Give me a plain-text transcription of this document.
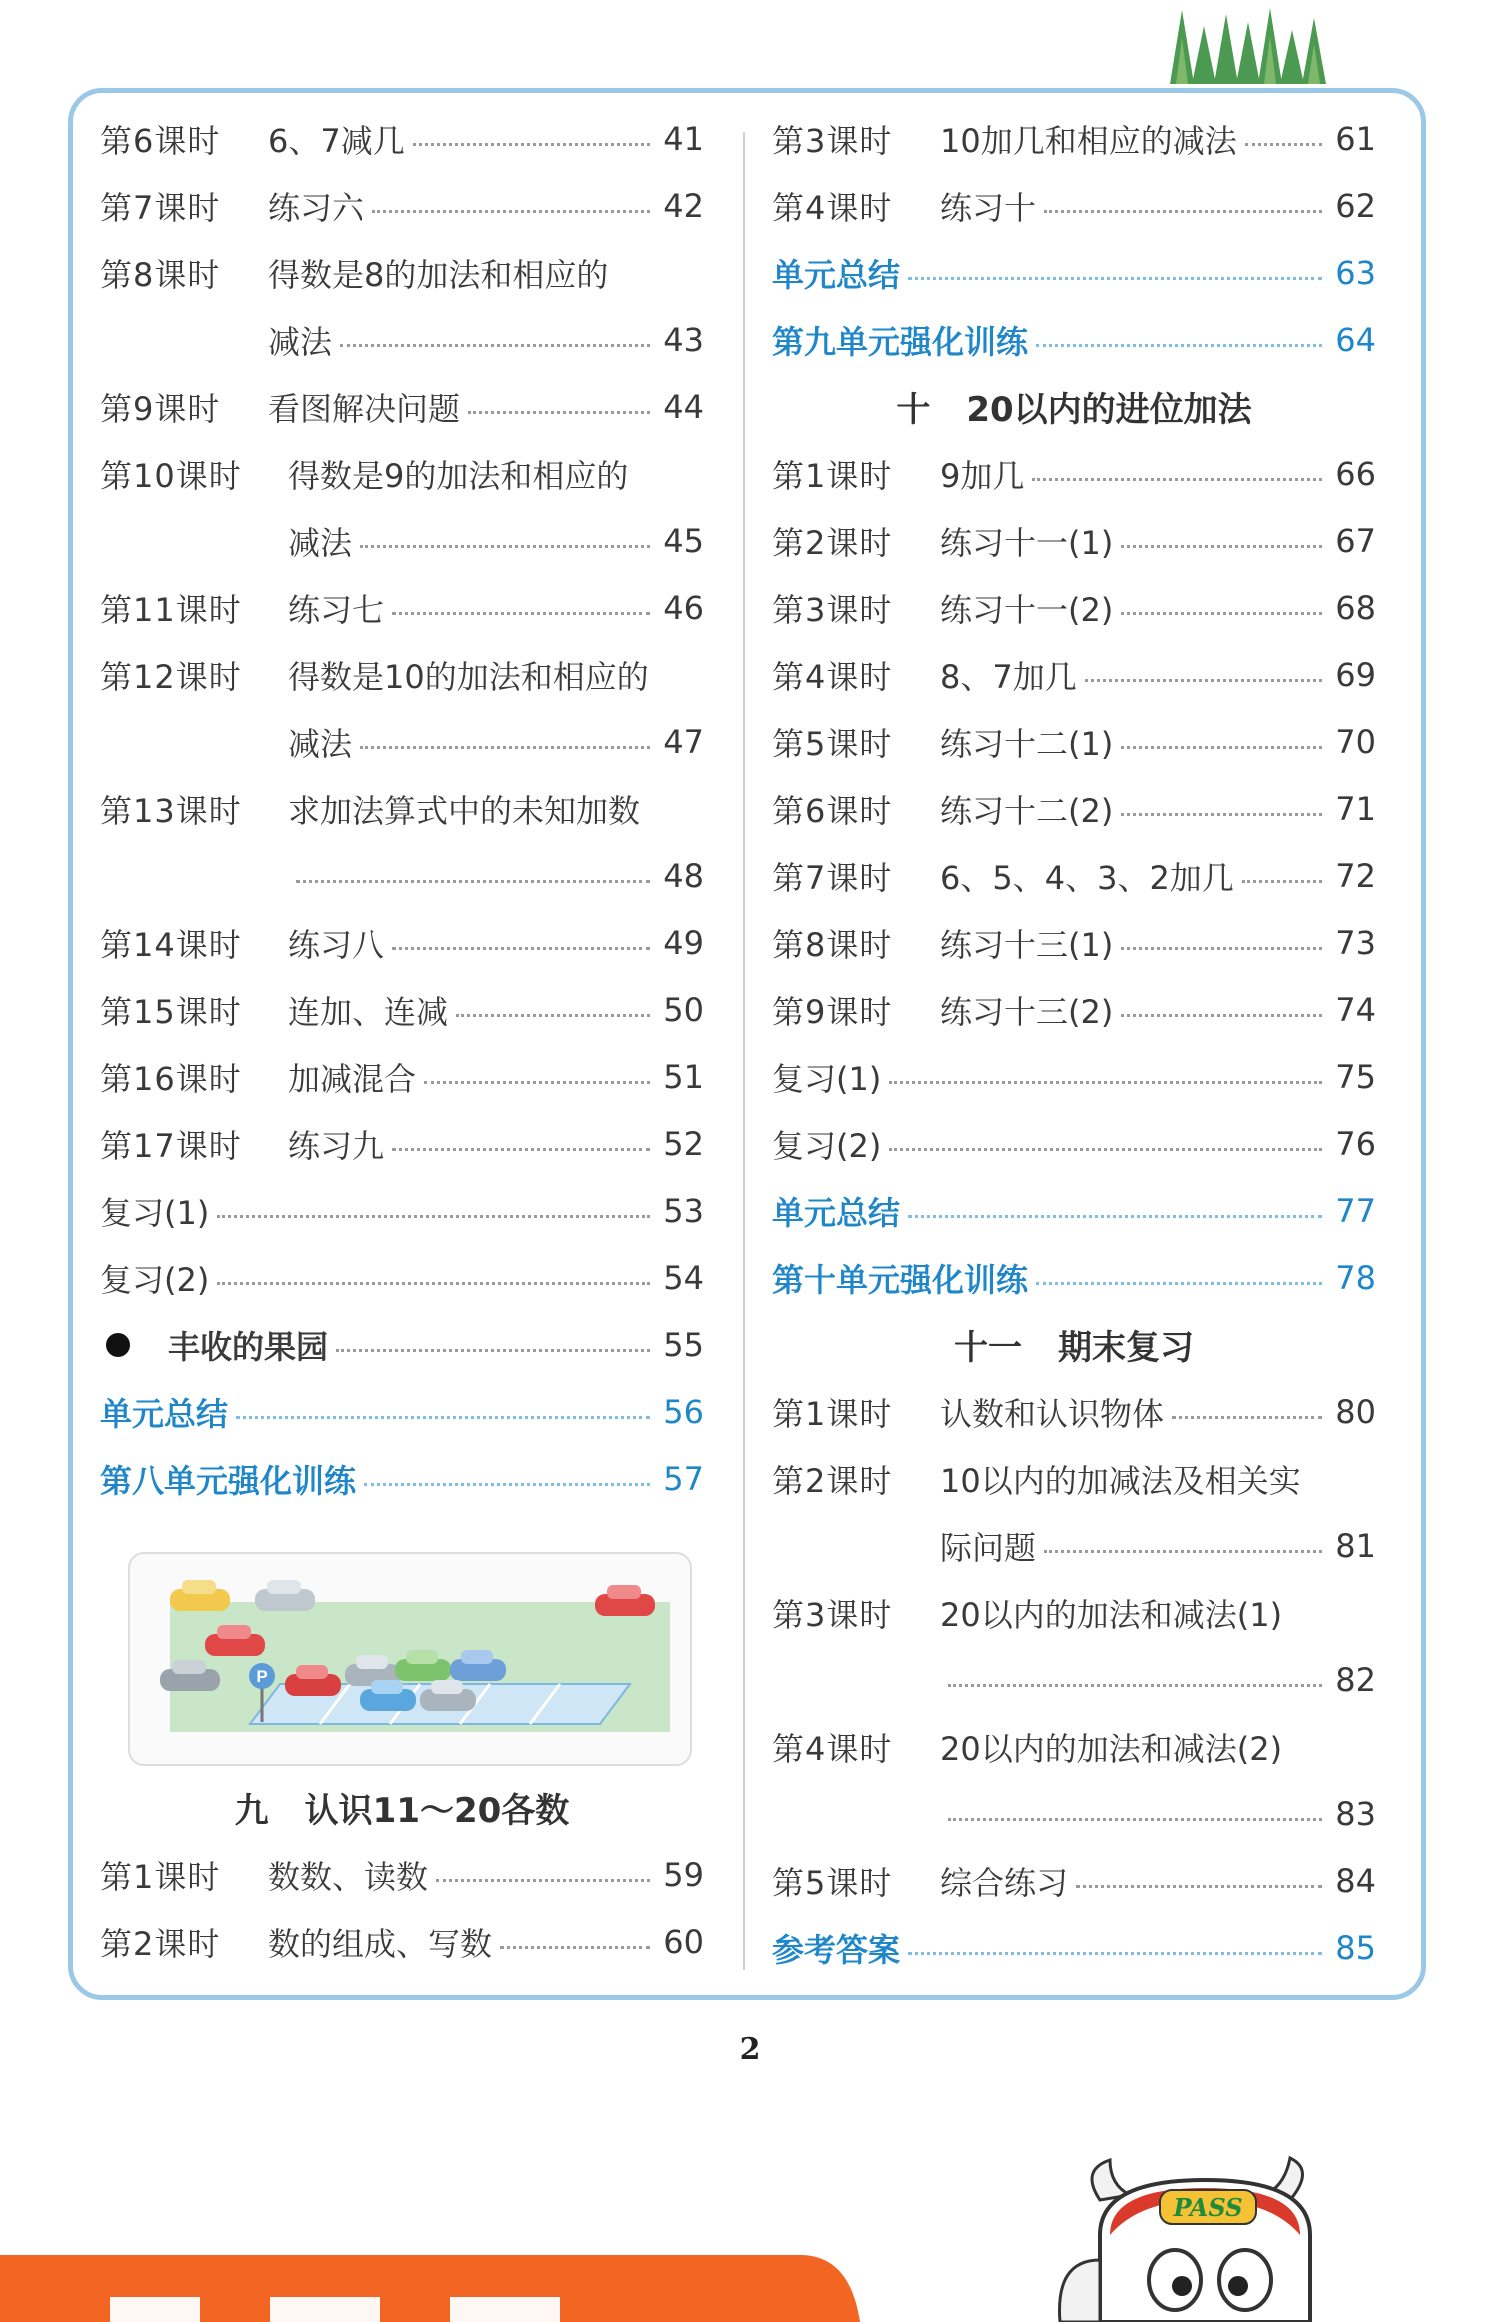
第6课时	6、7减几	41
第7课时	练习六	42
第8课时	得数是8的加法和相应的
减法	43
第9课时	看图解决问题	44
第10课时	得数是9的加法和相应的
减法	45
第11课时	练习七	46
第12课时	得数是10的加法和相应的
减法	47
第13课时	求加法算式中的未知加数
48
第14课时	练习八	49
第15课时	连加、连减	50
第16课时	加减混合	51
第17课时	练习九	52
复习(1)	53
复习(2)	54
丰收的果园	55
单元总结	56
第八单元强化训练	57
P
九 认识11～20各数
第1课时	数数、读数	59
第2课时	数的组成、写数	60
第3课时	10加几和相应的减法	61
第4课时	练习十	62
单元总结	63
第九单元强化训练	64
十 20以内的进位加法
第1课时	9加几	66
第2课时	练习十一(1)	67
第3课时	练习十一(2)	68
第4课时	8、7加几	69
第5课时	练习十二(1)	70
第6课时	练习十二(2)	71
第7课时	6、5、4、3、2加几	72
第8课时	练习十三(1)	73
第9课时	练习十三(2)	74
复习(1)	75
复习(2)	76
单元总结	77
第十单元强化训练	78
十一 期末复习
第1课时	认数和认识物体	80
第2课时	10以内的加减法及相关实
际问题	81
第3课时	20以内的加法和减法(1)
82
第4课时	20以内的加法和减法(2)
83
第5课时	综合练习	84
参考答案	85
2
PASS
